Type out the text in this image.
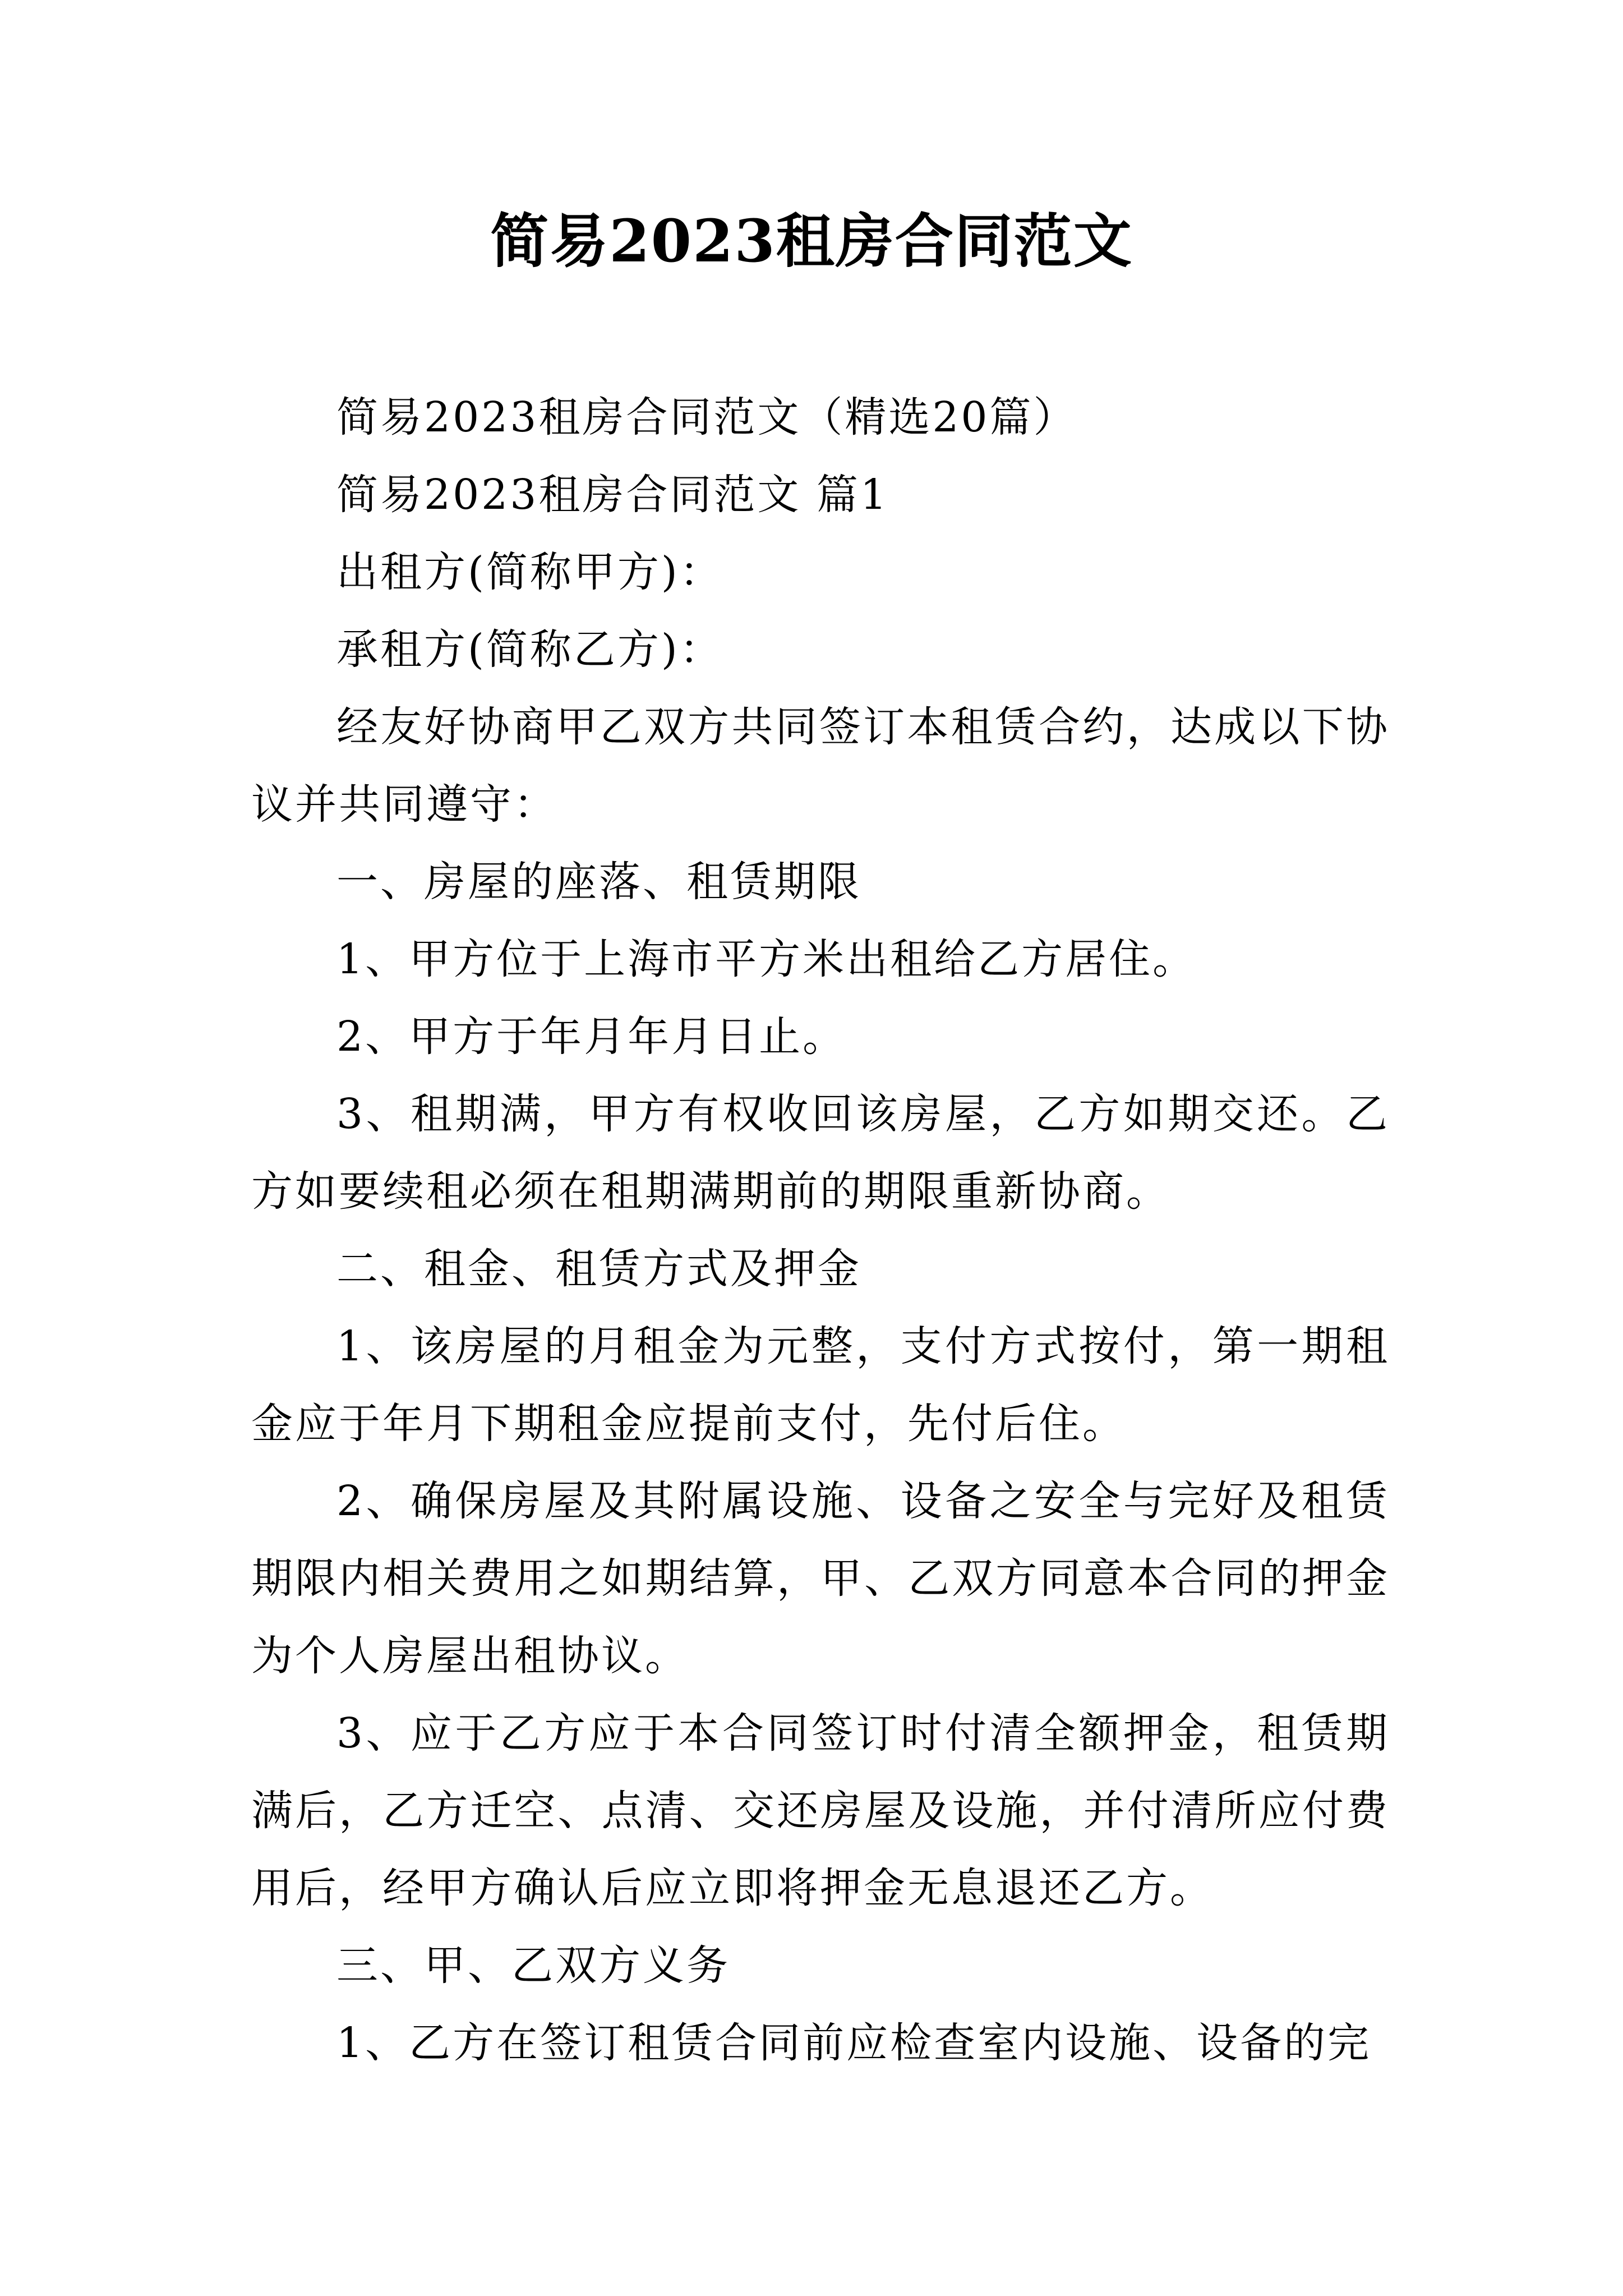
简易2023租房合同范文

简易2023租房合同范文（精选20篇）

简易2023租房合同范文 篇1

出租方(简称甲方)：

承租方(简称乙方)：

经友好协商甲乙双方共同签订本租赁合约，达成以下协议并共同遵守：

一、房屋的座落、租赁期限

1、甲方位于上海市平方米出租给乙方居住。

2、甲方于年月年月日止。

3、租期满，甲方有权收回该房屋，乙方如期交还。乙方如要续租必须在租期满期前的期限重新协商。

二、租金、租赁方式及押金

1、该房屋的月租金为元整，支付方式按付，第一期租金应于年月下期租金应提前支付，先付后住。

2、确保房屋及其附属设施、设备之安全与完好及租赁期限内相关费用之如期结算，甲、乙双方同意本合同的押金为个人房屋出租协议。

3、应于乙方应于本合同签订时付清全额押金，租赁期满后，乙方迁空、点清、交还房屋及设施，并付清所应付费用后，经甲方确认后应立即将押金无息退还乙方。

三、甲、乙双方义务

1、乙方在签订租赁合同前应检查室内设施、设备的完
